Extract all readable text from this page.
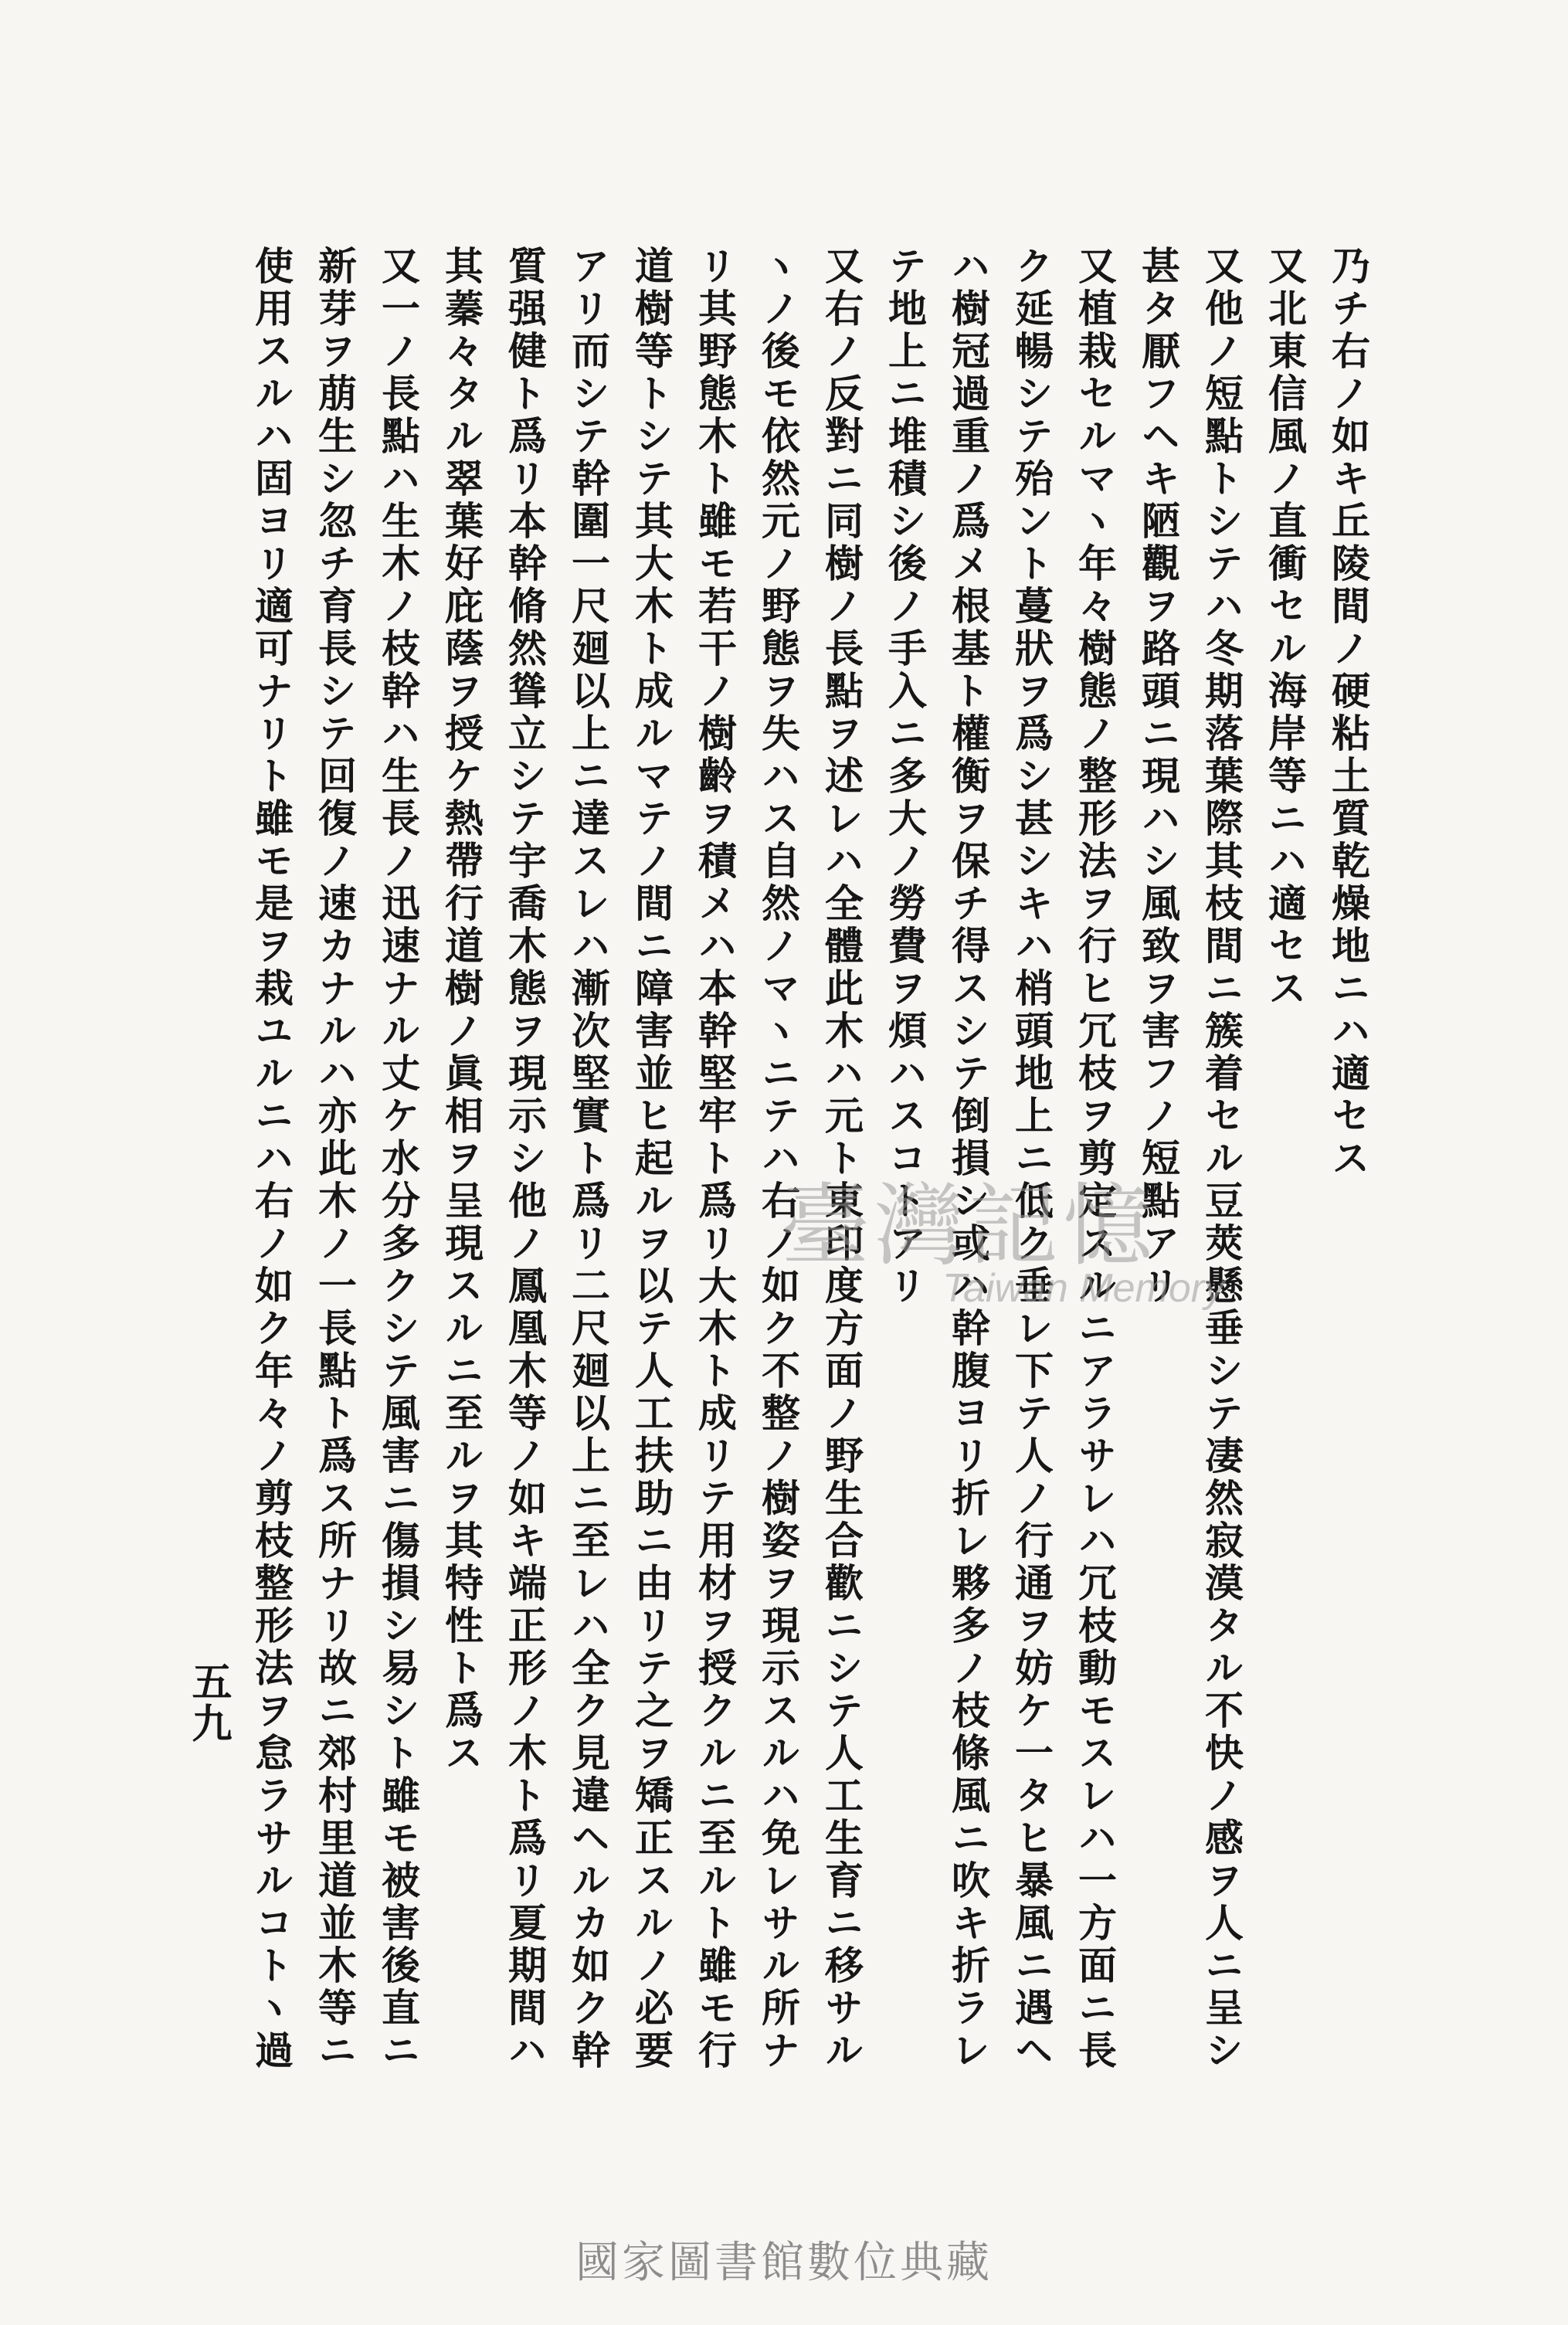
乃チ右ノ如キ丘陵間ノ硬粘土質乾燥地ニハ適セス
又北東信風ノ直衝セル海岸等ニハ適セス
又他ノ短點トシテハ冬期落葉際其枝間ニ簇着セル豆莢懸垂シテ凄然寂漠タル不快ノ感ヲ人ニ呈シ
甚タ厭フヘキ陋觀ヲ路頭ニ現ハシ風致ヲ害フノ短點アリ
又植栽セルマヽ年々樹態ノ整形法ヲ行ヒ冗枝ヲ剪定スルニアラサレハ冗枝動モスレハ一方面ニ長
ク延暢シテ殆ント蔓狀ヲ爲シ甚シキハ梢頭地上ニ低ク垂レ下テ人ノ行通ヲ妨ケ一タヒ暴風ニ遇ヘ
ハ樹冠過重ノ爲メ根基ト權衡ヲ保チ得スシテ倒損シ或ハ幹腹ヨリ折レ夥多ノ枝條風ニ吹キ折ラレ
テ地上ニ堆積シ後ノ手入ニ多大ノ勞費ヲ煩ハスコトアリ
又右ノ反對ニ同樹ノ長點ヲ述レハ全體此木ハ元ト東印度方面ノ野生合歡ニシテ人工生育ニ移サル
ヽノ後モ依然元ノ野態ヲ失ハス自然ノマヽニテハ右ノ如ク不整ノ樹姿ヲ現示スルハ免レサル所ナ
リ其野態木ト雖モ若干ノ樹齡ヲ積メハ本幹堅牢ト爲リ大木ト成リテ用材ヲ授クルニ至ルト雖モ行
道樹等トシテ其大木ト成ルマテノ間ニ障害並ヒ起ルヲ以テ人工扶助ニ由リテ之ヲ矯正スルノ必要
アリ而シテ幹圍一尺廻以上ニ達スレハ漸次堅實ト爲リ二尺廻以上ニ至レハ全ク見違ヘルカ如ク幹
質强健ト爲リ本幹脩然聳立シテ宇喬木態ヲ現示シ他ノ鳳凰木等ノ如キ端正形ノ木ト爲リ夏期間ハ
其蓁々タル翠葉好庇蔭ヲ授ケ熱帶行道樹ノ眞相ヲ呈現スルニ至ルヲ其特性ト爲ス
又一ノ長點ハ生木ノ枝幹ハ生長ノ迅速ナル丈ケ水分多クシテ風害ニ傷損シ易シト雖モ被害後直ニ
新芽ヲ萠生シ忽チ育長シテ回復ノ速カナルハ亦此木ノ一長點ト爲ス所ナリ故ニ郊村里道並木等ニ
使用スルハ固ヨリ適可ナリト雖モ是ヲ栽ユルニハ右ノ如ク年々ノ剪枝整形法ヲ怠ラサルコトヽ過
五九
臺灣記憶
Taiwan Memory
國家圖書館數位典藏
